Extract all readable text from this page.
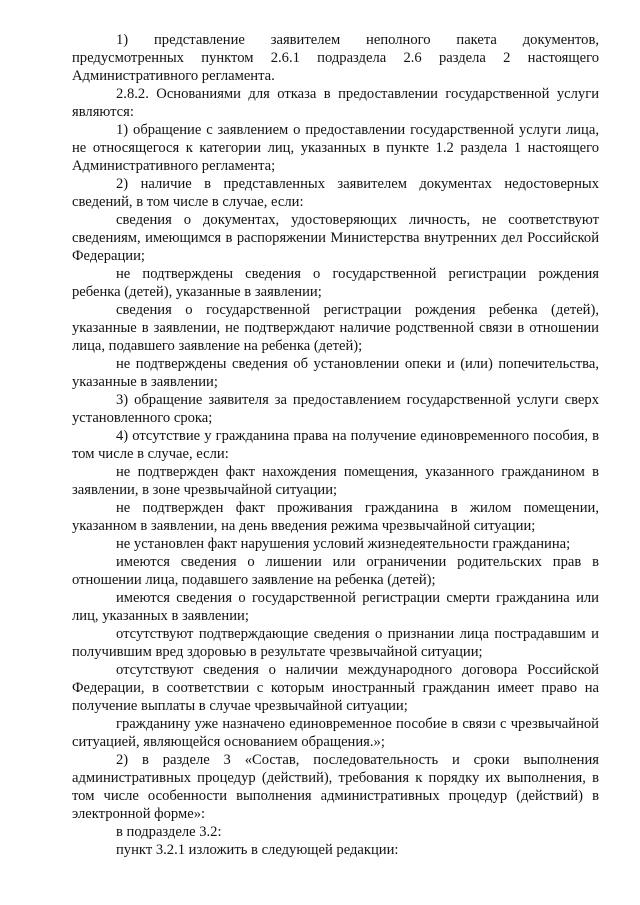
1) представление заявителем неполного пакета документов, предусмотренных пунктом 2.6.1 подраздела 2.6 раздела 2 настоящего Административного регламента.

2.8.2. Основаниями для отказа в предоставлении государственной услуги являются:

1) обращение с заявлением о предоставлении государственной услуги лица, не относящегося к категории лиц, указанных в пункте 1.2 раздела 1 настоящего Административного регламента;

2) наличие в представленных заявителем документах недостоверных сведений, в том числе в случае, если:

сведения о документах, удостоверяющих личность, не соответствуют сведениям, имеющимся в распоряжении Министерства внутренних дел Российской Федерации;

не подтверждены сведения о государственной регистрации рождения ребенка (детей), указанные в заявлении;

сведения о государственной регистрации рождения ребенка (детей), указанные в заявлении, не подтверждают наличие родственной связи в отношении лица, подавшего заявление на ребенка (детей);

не подтверждены сведения об установлении опеки и (или) попечительства, указанные в заявлении;

3) обращение заявителя за предоставлением государственной услуги сверх установленного срока;

4) отсутствие у гражданина права на получение единовременного пособия, в том числе в случае, если:

не подтвержден факт нахождения помещения, указанного гражданином в заявлении, в зоне чрезвычайной ситуации;

не подтвержден факт проживания гражданина в жилом помещении, указанном в заявлении, на день введения режима чрезвычайной ситуации;

не установлен факт нарушения условий жизнедеятельности гражданина;

имеются сведения о лишении или ограничении родительских прав в отношении лица, подавшего заявление на ребенка (детей);

имеются сведения о государственной регистрации смерти гражданина или лиц, указанных в заявлении;

отсутствуют подтверждающие сведения о признании лица пострадавшим и получившим вред здоровью в результате чрезвычайной ситуации;

отсутствуют сведения о наличии международного договора Российской Федерации, в соответствии с которым иностранный гражданин имеет право на получение выплаты в случае чрезвычайной ситуации;

гражданину уже назначено единовременное пособие в связи с чрезвычайной ситуацией, являющейся основанием обращения.»;

2) в разделе 3 «Состав, последовательность и сроки выполнения административных процедур (действий), требования к порядку их выполнения, в том числе особенности выполнения административных процедур (действий) в электронной форме»:

в подразделе 3.2:

пункт 3.2.1 изложить в следующей редакции:
